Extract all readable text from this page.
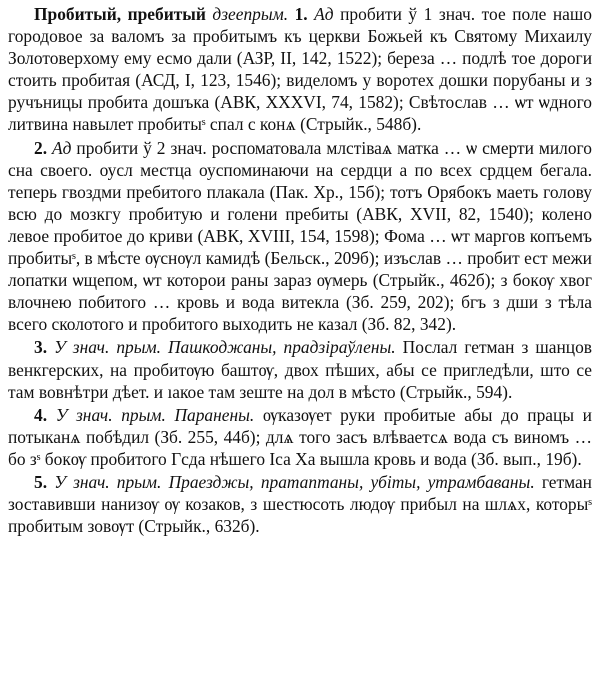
Пробитый, пребитый дзеепрым. 1. Ад пробити ў 1 знач. тое поле нашо городовое за валомъ за пробитымъ къ церкви Божьей къ Святому Михаилу Золотоверхому ему есмо дали (АЗР, II, 142, 1522); береза … подлѣ тое дороги стоить пробитая (АСД, I, 123, 1546); виделомъ у воротех дошки порубаны и з ручъницы пробита дошъка (АВК, XXXVI, 74, 1582); Свѣтослав … ѡт ѡдного литвина навылет пробитыˢ спал с конѧ (Стрыйк., 548б).

2. Ад пробити ў 2 знач. роспоматовала млстіваѧ матка … ѡ смерти милого сна своего. оусл местца оуспоминаючи на сердци а по всех срдцем бегала. теперь гвоздми пребитого плакала (Пак. Хр., 15б); тотъ Орябокъ маеть голову всю до мозкгу пробитую и голени пребиты (АВК, XVII, 82, 1540); колено левое пробитое до криви (АВК, XVIII, 154, 1598); Фома … ѡт маргов копъемъ пробитыˢ, в мѣсте ѹснѹл камидѣ (Бельск., 209б); изъслав … пробит ест межи лопатки ѡщепом, ѡт которои раны зараз ѹмерь (Стрыйк., 462б); з бокѹ хвог влочнею побитого … кровь и вода витекла (Зб. 259, 202); бгъ з дши з тѣла всего сколотого и пробитого выходить не казал (Зб. 82, 342).

3. У знач. прым. Пашкоджаны, прадзіраўлены. Послал гетман з шанцов венкгерских, на пробитѹю баштѹ, двох пѣших, абы се пригледѣли, што се там вовнѣтри дѣет. и ıакое там зеште на дол в мѣсто (Стрыйк., 594).

4. У знач. прым. Паранены. ѹказѹет руки пробитые абы до працы и потыканѧ побѣдил (Зб. 255, 44б); длѧ того засъ влѣваетсѧ вода съ виномъ … бо зˢ бокѹ пробитого Гсда нѣшего Іса Ха вышла кровь и вода (Зб. вып., 19б).

5. У знач. прым. Праезджы, пратаптаны, убіты, утрамбаваны. гетман зоставивши нанизѹ ѹ козаков, з шестюсоть людѹ прибыл на шлѧх, которыˢ пробитым зовѹт (Стрыйк., 632б).
